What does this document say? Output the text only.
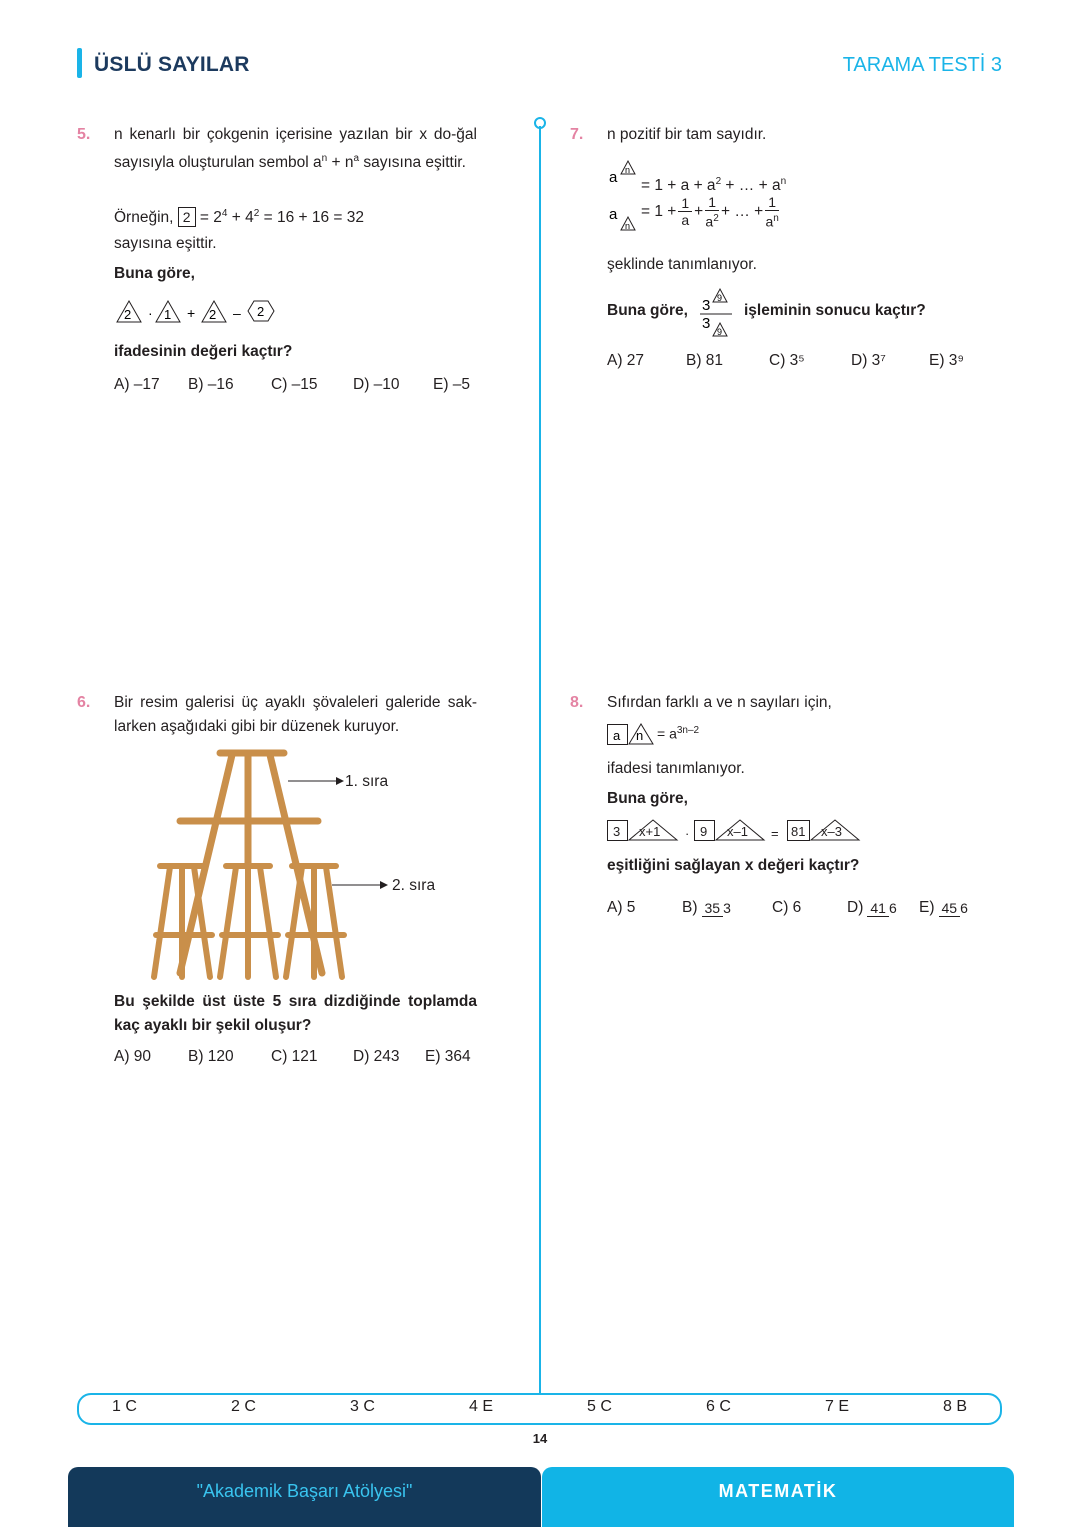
ÜSLÜ SAYILAR	TARAMA TESTİ 3
5. n kenarlı bir çokgenin içerisine yazılan bir x do-ğal sayısıyla oluşturulan sembol $a^n + n^a$ sayısına eşittir.
Örneğin, $2 = 2^4 + 4^2 = 16 + 16 = 32$
sayısına eşittir.
Buna göre,
2 · 1 + 2 – 2
ifadesinin değeri kaçtır?
A) –17	B) –16	C) –15	D) –10	E) –5
6. Bir resim galerisi üç ayaklı şövaleleri galeride sak-larken aşağıdaki gibi bir düzenek kuruyor.
1. sıra
2. sıra
Bu şekilde üst üste 5 sıra dizdiğinde toplamda kaç ayaklı bir şekil oluşur?
A) 90	B) 120	C) 121	D) 243	E) 364
7. n pozitif bir tam sayıdır.
a n
= $1 + a + a^2$ + … + $a^n$
a
n
= $1 + \frac{1}{a} + \frac{1}{a^2}$ + … + $\frac{1}{a^n}$
şeklinde tanımlanıyor.
Buna göre, 3 9
3 9
işleminin sonucu kaçtır?
A) 27	B) 81	C) 3⁵	D) 3⁷	E) 3⁹
8. Sıfırdan farklı a ve n sayıları için,
a $n = a^{3n-2}$
ifadesi tanımlanıyor.
Buna göre,
3 x+1 · 9 x–1 = 81 x–3
eşitliğini sağlayan x değeri kaçtır?
A) 5	B) 35 3	C) 6	D) 41 6 E) 45 6
1 C	2 C	3 C	4 E	5 C	6 C	7 E	8 B
14
"Akademik Başarı Atölyesi"	MATEMATİK
